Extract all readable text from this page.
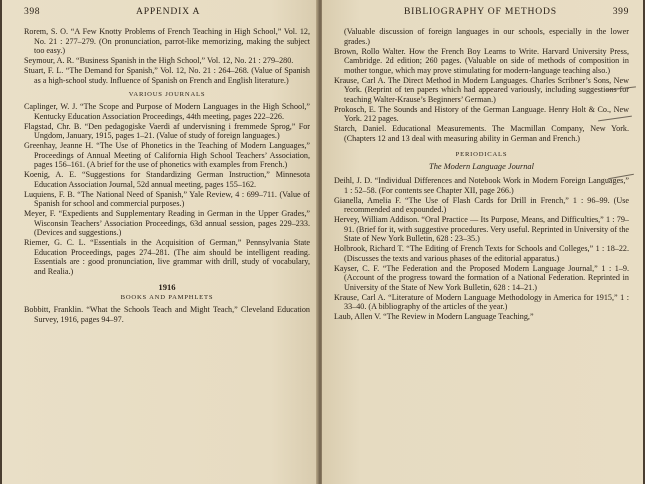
398	APPENDIX A

Rorem, S. O. “A Few Knotty Problems of French Teaching in High School,” Vol. 12, No. 21 : 277–279. (On pronunciation, parrot-like memorizing, making the subject too easy.)

Seymour, A. R. “Business Spanish in the High School,” Vol. 12, No. 21 : 279–280.

Stuart, F. L. “The Demand for Spanish,” Vol. 12, No. 21 : 264–268. (Value of Spanish as a high-school study. Influence of Spanish on French and English literature.)

VARIOUS JOURNALS

Caplinger, W. J. “The Scope and Purpose of Modern Languages in the High School,” Kentucky Education Association Proceedings, 44th meeting, pages 222–226.

Flagstad, Chr. B. “Den pedagogiske Vaerdi af undervisning i fremmede Sprog,” For Ungdom, January, 1915, pages 1–21. (Value of study of foreign languages.)

Greenhay, Jeanne H. “The Use of Phonetics in the Teaching of Modern Languages,” Proceedings of Annual Meeting of California High School Teachers’ Association, pages 156–161. (A brief for the use of phonetics with examples from French.)

Koenig, A. E. “Suggestions for Standardizing German Instruction,” Minnesota Education Association Journal, 52d annual meeting, pages 155–162.

Luquiens, F. B. “The National Need of Spanish,” Yale Review, 4 : 699–711. (Value of Spanish for school and commercial purposes.)

Meyer, F. “Expedients and Supplementary Reading in German in the Upper Grades,” Wisconsin Teachers’ Association Proceedings, 63d annual session, pages 229–233. (Devices and suggestions.)

Riemer, G. C. L. “Essentials in the Acquisition of German,” Pennsylvania State Education Proceedings, pages 274–281. (The aim should be intelligent reading. Essentials are : good pronunciation, live grammar with drill, study of vocabulary, and Realia.)

1916
BOOKS AND PAMPHLETS

Bobbitt, Franklin. “What the Schools Teach and Might Teach,” Cleveland Education Survey, 1916, pages 94–97.

BIBLIOGRAPHY OF METHODS	399

(Valuable discussion of foreign languages in our schools, especially in the lower grades.)

Brown, Rollo Walter. How the French Boy Learns to Write. Harvard University Press, Cambridge. 2d edition; 260 pages. (Valuable on side of methods of composition in mother tongue, which may prove stimulating for modern-language teaching also.)

Krause, Carl A. The Direct Method in Modern Languages. Charles Scribner’s Sons, New York. (Reprint of ten papers which had appeared variously, including suggestions for teaching Walter-Krause’s Beginners’ German.)

Prokosch, E. The Sounds and History of the German Language. Henry Holt & Co., New York. 212 pages.

Starch, Daniel. Educational Measurements. The Macmillan Company, New York. (Chapters 12 and 13 deal with measuring ability in German and French.)

PERIODICALS
The Modern Language Journal

Deihl, J. D. “Individual Differences and Notebook Work in Modern Foreign Languages,” 1 : 52–58. (For contents see Chapter XII, page 266.)

Gianella, Amelia F. “The Use of Flash Cards for Drill in French,” 1 : 96–99. (Use recommended and expounded.)

Hervey, William Addison. “Oral Practice — Its Purpose, Means, and Difficulties,” 1 : 79–91. (Brief for it, with suggestive procedures. Very useful. Reprinted in University of the State of New York Bulletin, 628 : 23–35.)

Holbrook, Richard T. “The Editing of French Texts for Schools and Colleges,” 1 : 18–22. (Discusses the texts and various phases of the editorial apparatus.)

Kayser, C. F. “The Federation and the Proposed Modern Language Journal,” 1 : 1–9. (Account of the progress toward the formation of a National Federation. Reprinted in University of the State of New York Bulletin, 628 : 14–21.)

Krause, Carl A. “Literature of Modern Language Methodology in America for 1915,” 1 : 33–40. (A bibliography of the articles of the year.)

Laub, Allen V. “The Review in Modern Language Teaching,”
